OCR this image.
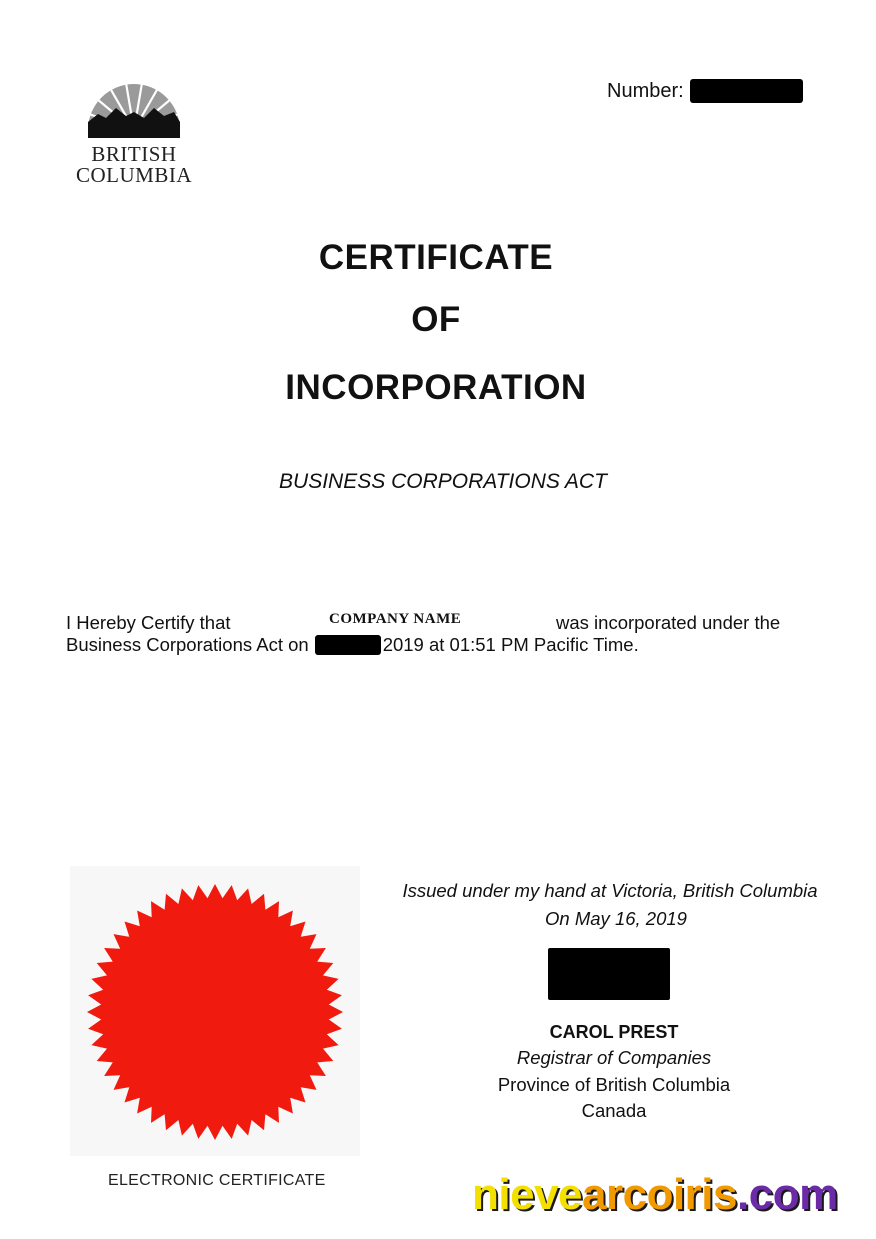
BRITISH
COLUMBIA
Number:
CERTIFICATE
OF
INCORPORATION
BUSINESS CORPORATIONS ACT
I Hereby Certify that	COMPANY NAME	was incorporated under the
Business Corporations Act on	2019 at 01:51 PM Pacific Time.
ELECTRONIC CERTIFICATE
Issued under my hand at Victoria, British Columbia
On May 16, 2019
CAROL PREST
Registrar of Companies
Province of British Columbia
Canada
nievearcoiris.com
